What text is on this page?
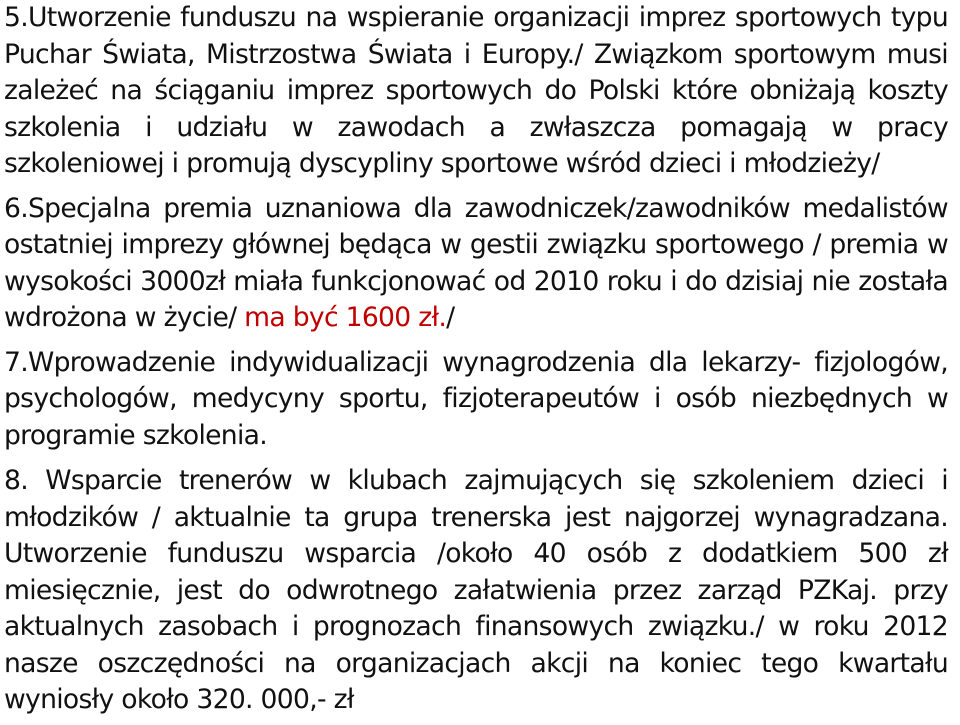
5.Utworzenie funduszu na wspieranie organizacji imprez sportowych typu Puchar Świata, Mistrzostwa Świata i Europy./ Związkom sportowym musi zależeć na ściąganiu imprez sportowych do Polski które obniżają koszty szkolenia i udziału w zawodach a zwłaszcza pomagają w pracy szkoleniowej i promują dyscypliny sportowe wśród dzieci i młodzieży/

6.Specjalna premia uznaniowa dla zawodniczek/zawodników medalistów ostatniej imprezy głównej będąca w gestii związku sportowego / premia w wysokości 3000zł miała funkcjonować od 2010 roku i do dzisiaj nie została wdrożona w życie/ ma być 1600 zł./

7.Wprowadzenie indywidualizacji wynagrodzenia dla lekarzy- fizjologów, psychologów, medycyny sportu, fizjoterapeutów i osób niezbędnych w programie szkolenia.

8. Wsparcie trenerów w klubach zajmujących się szkoleniem dzieci i młodzików / aktualnie ta grupa trenerska jest najgorzej wynagradzana. Utworzenie funduszu wsparcia /około 40 osób z dodatkiem 500 zł miesięcznie, jest do odwrotnego załatwienia przez zarząd PZKaj. przy aktualnych zasobach i prognozach finansowych związku./ w roku 2012 nasze oszczędności na organizacjach akcji na koniec tego kwartału wyniosły około 320. 000,- zł
